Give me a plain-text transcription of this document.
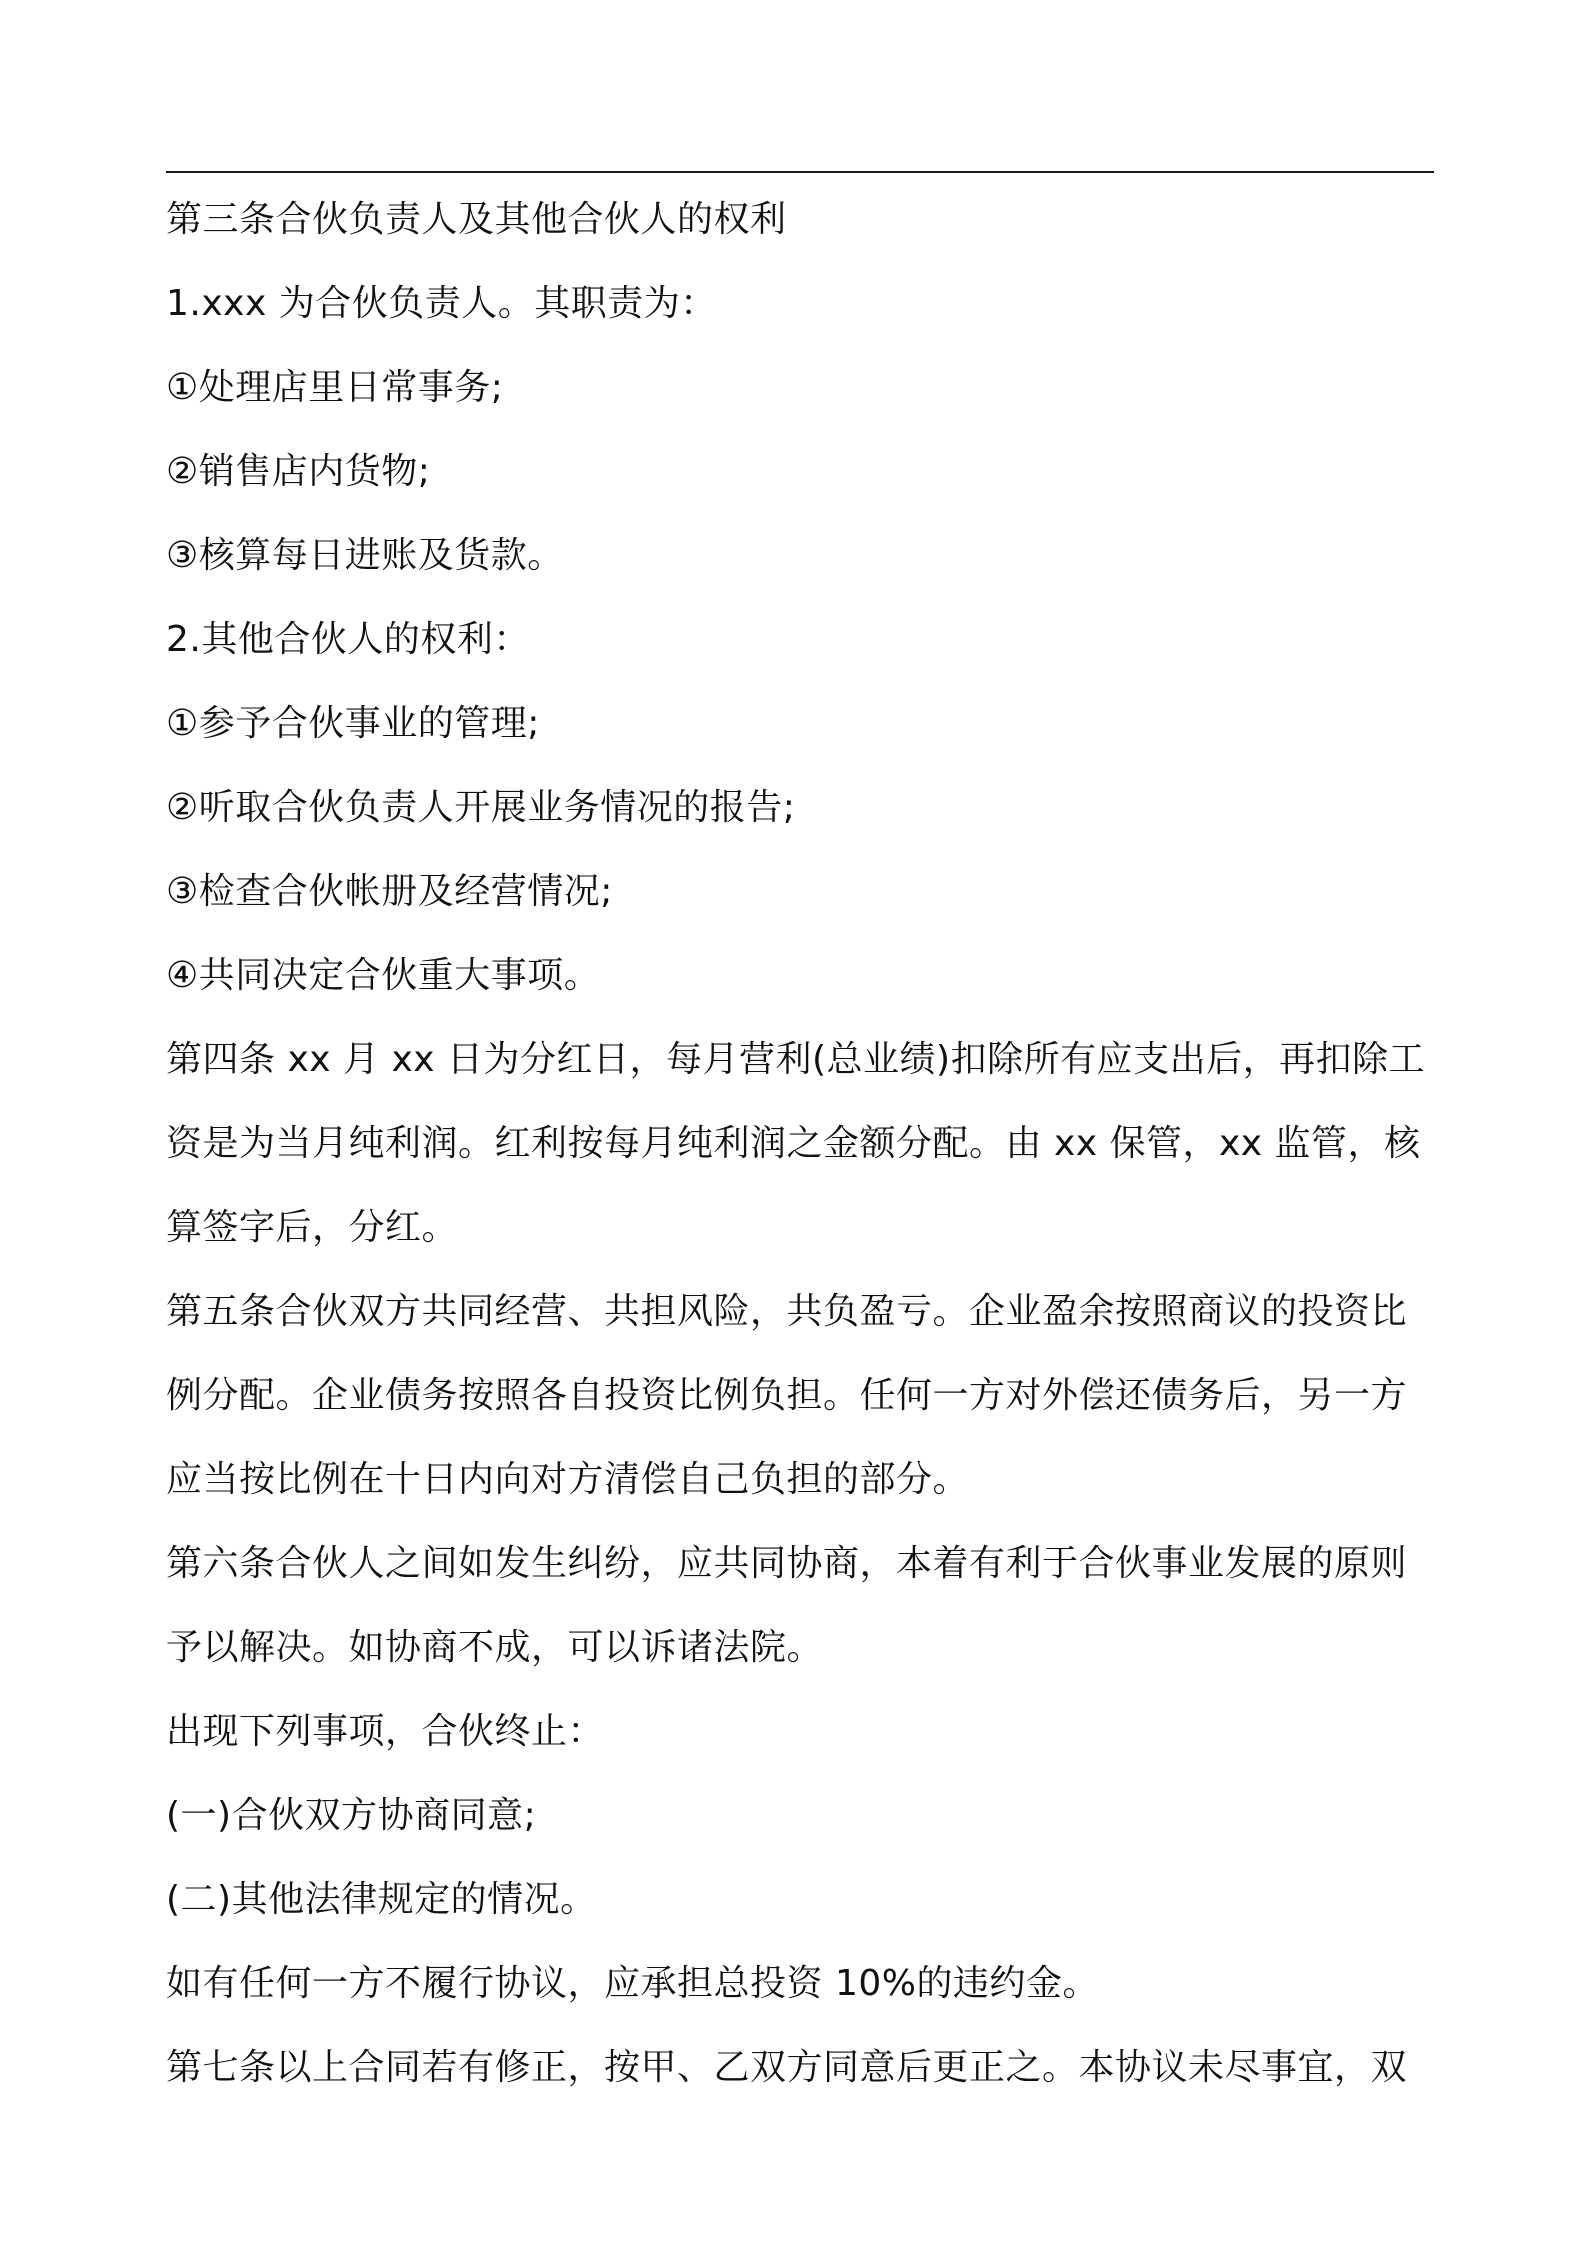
第三条合伙负责人及其他合伙人的权利
1.xxx 为合伙负责人。其职责为：
①处理店里日常事务;
②销售店内货物;
③核算每日进账及货款。
2.其他合伙人的权利：
①参予合伙事业的管理;
②听取合伙负责人开展业务情况的报告;
③检查合伙帐册及经营情况;
④共同决定合伙重大事项。
第四条 xx 月 xx 日为分红日，每月营利(总业绩)扣除所有应支出后，再扣除工
资是为当月纯利润。红利按每月纯利润之金额分配。由 xx 保管，xx 监管，核
算签字后，分红。
第五条合伙双方共同经营、共担风险，共负盈亏。企业盈余按照商议的投资比
例分配。企业债务按照各自投资比例负担。任何一方对外偿还债务后，另一方
应当按比例在十日内向对方清偿自己负担的部分。
第六条合伙人之间如发生纠纷，应共同协商，本着有利于合伙事业发展的原则
予以解决。如协商不成，可以诉诸法院。
出现下列事项，合伙终止：
(一)合伙双方协商同意;
(二)其他法律规定的情况。
如有任何一方不履行协议，应承担总投资 10%的违约金。
第七条以上合同若有修正，按甲、乙双方同意后更正之。本协议未尽事宜，双
